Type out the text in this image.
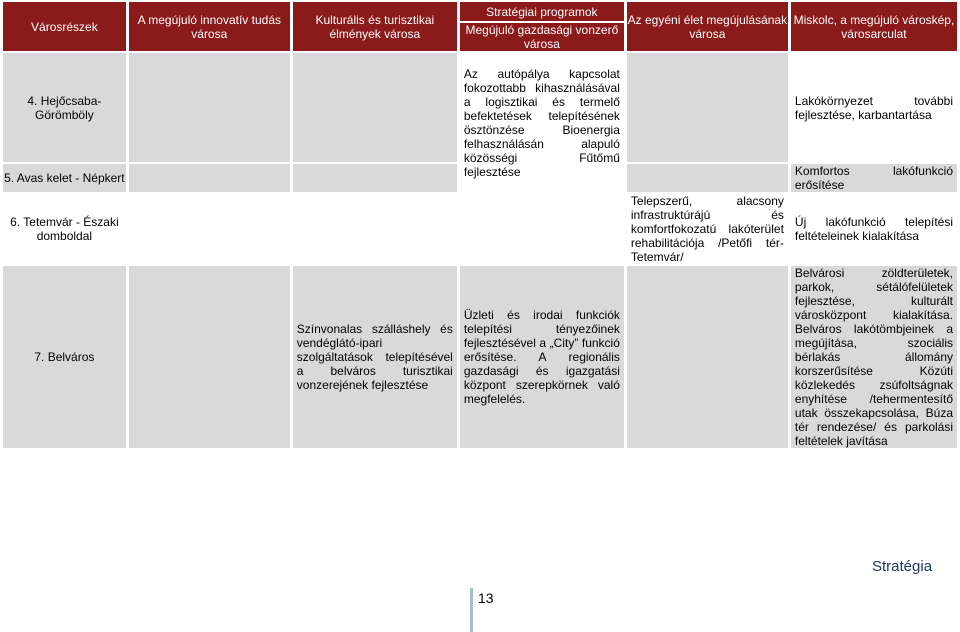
Városrészek	A megújuló innovatív tudás városa	Kulturális és turisztikai élmények városa	Stratégiai programok	Az egyéni élet megújulásának városa	Miskolc, a megújuló városkép, városarculat
			Megújuló gazdasági vonzerő városa		
4. Hejőcsaba-Görömböly			Az autópálya kapcsolat fokozottabb kihasználásával a logisztikai és termelő befektetések telepítésének ösztönzése Bioenergia felhasználásán alapuló közösségi Fűtőmű fejlesztése		Lakókörnyezet további fejlesztése, karbantartása
5. Avas kelet - Népkert					Komfortos lakófunkció erősítése
6. Tetemvár - Északi domboldal				Telepszerű, alacsony infrastruktúrájú és komfortfokozatú lakóterület rehabilitációja /Petőfi tér-Tetemvár/	Új lakófunkció telepítési feltételeinek kialakítása
7. Belváros		Színvonalas szálláshely és vendéglátó-ipari szolgáltatások telepítésével a belváros turisztikai vonzerejének fejlesztése	Üzleti és irodai funkciók telepítési tényezőinek fejlesztésével a „City” funkció erősítése. A regionális gazdasági és igazgatási központ szerepkörnek való megfelelés.		Belvárosi zöldterületek, parkok, sétálófelületek fejlesztése, kulturált városközpont kialakítása. Belváros lakótömbjeinek a megújítása, szociális bérlakás állomány korszerűsítése Közúti közlekedés zsúfoltságnak enyhítése /tehermentesítő utak összekapcsolása, Búza tér rendezése/ és parkolási feltételek javítása
Stratégia
13
